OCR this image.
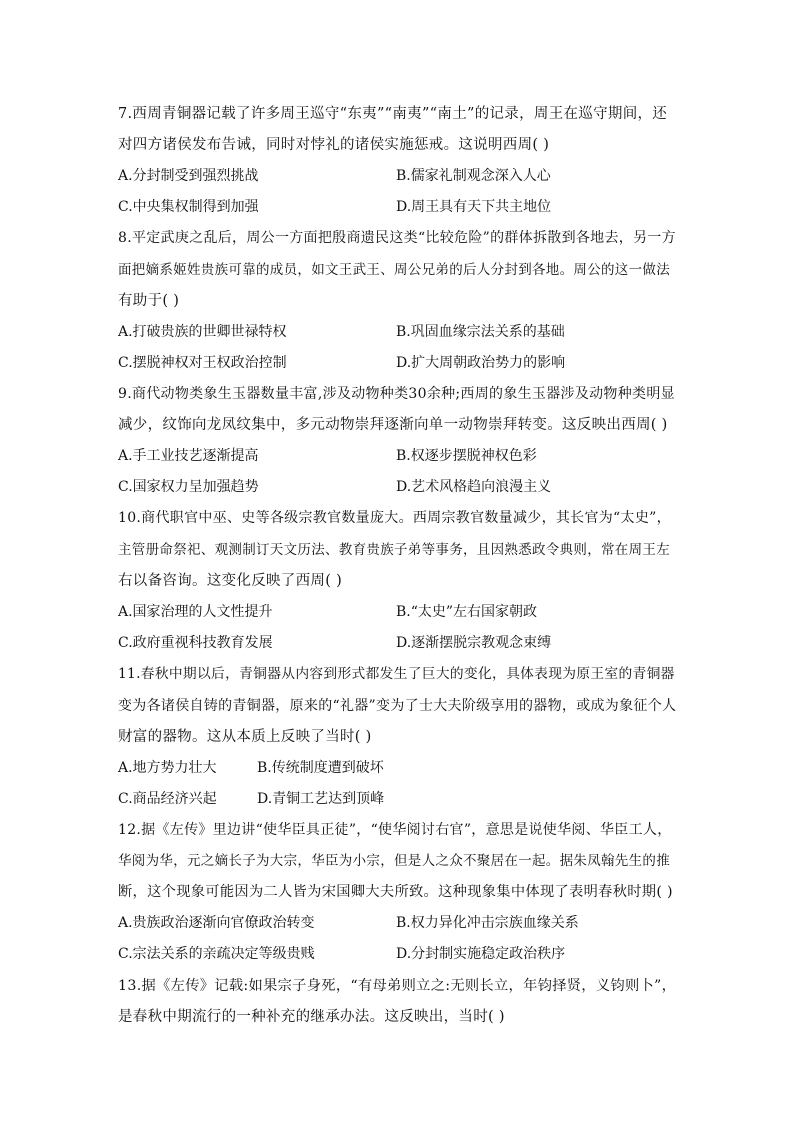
7.西周青铜器记载了许多周王巡守“东夷”“南夷”“南土”的记录，周王在巡守期间，还
对四方诸侯发布告诫，同时对悖礼的诸侯实施惩戒。这说明西周( )
A.分封制受到强烈挑战	B.儒家礼制观念深入人心
C.中央集权制得到加强	D.周王具有天下共主地位
8.平定武庚之乱后，周公一方面把殷商遗民这类“比较危险”的群体拆散到各地去，另一方
面把嫡系姬姓贵族可靠的成员，如文王武王、周公兄弟的后人分封到各地。周公的这一做法
有助于( )
A.打破贵族的世卿世禄特权	B.巩固血缘宗法关系的基础
C.摆脱神权对王权政治控制	D.扩大周朝政治势力的影响
9.商代动物类象生玉器数量丰富,涉及动物种类30余种;西周的象生玉器涉及动物种类明显
减少，纹饰向龙凤纹集中，多元动物崇拜逐渐向单一动物崇拜转变。这反映出西周( )
A.手工业技艺逐渐提高	B.权逐步摆脱神权色彩
C.国家权力呈加强趋势	D.艺术风格趋向浪漫主义
10.商代职官中巫、史等各级宗教官数量庞大。西周宗教官数量减少，其长官为“太史”，
主管册命祭祀、观测制订天文历法、教育贵族子弟等事务，且因熟悉政令典则，常在周王左
右以备咨询。这变化反映了西周( )
A.国家治理的人文性提升	B.“太史”左右国家朝政
C.政府重视科技教育发展	D.逐渐摆脱宗教观念束缚
11.春秋中期以后，青铜器从内容到形式都发生了巨大的变化，具体表现为原王室的青铜器
变为各诸侯自铸的青铜器，原来的“礼器”变为了士大夫阶级享用的器物，或成为象征个人
财富的器物。这从本质上反映了当时( )
A.地方势力壮大	B.传统制度遭到破坏
C.商品经济兴起	D.青铜工艺达到顶峰
12.据《左传》里边讲“使华臣具正徒”，“使华阅讨右官”，意思是说使华阅、华臣工人，
华阅为华，元之嫡长子为大宗，华臣为小宗，但是人之众不聚居在一起。据朱凤翰先生的推
断，这个现象可能因为二人皆为宋国卿大夫所致。这种现象集中体现了表明春秋时期( )
A.贵族政治逐渐向官僚政治转变	B.权力异化冲击宗族血缘关系
C.宗法关系的亲疏决定等级贵贱	D.分封制实施稳定政治秩序
13.据《左传》记载:如果宗子身死，“有母弟则立之:无则长立，年钧择贤，义钧则卜”，
是春秋中期流行的一种补充的继承办法。这反映出，当时( )
